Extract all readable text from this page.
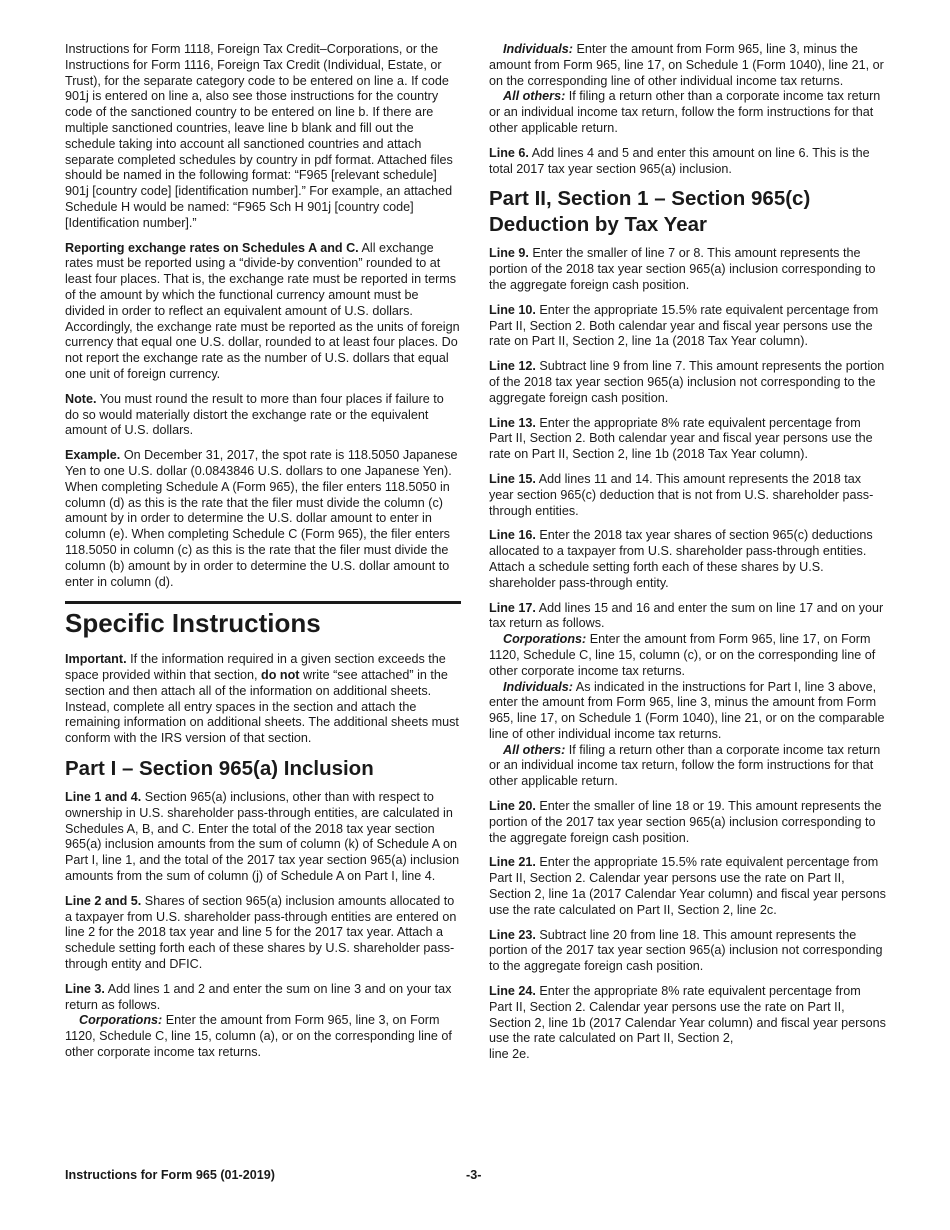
Instructions for Form 1118, Foreign Tax Credit–Corporations, or the Instructions for Form 1116, Foreign Tax Credit (Individual, Estate, or Trust), for the separate category code to be entered on line a. If code 901j is entered on line a, also see those instructions for the country code of the sanctioned country to be entered on line b. If there are multiple sanctioned countries, leave line b blank and fill out the schedule taking into account all sanctioned countries and attach separate completed schedules by country in pdf format. Attached files should be named in the following format: “F965 [relevant schedule] 901j [country code] [identification number].” For example, an attached Schedule H would be named: “F965 Sch H 901j [country code] [Identification number].”

Reporting exchange rates on Schedules A and C. All exchange rates must be reported using a “divide-by convention” rounded to at least four places. That is, the exchange rate must be reported in terms of the amount by which the functional currency amount must be divided in order to reflect an equivalent amount of U.S. dollars. Accordingly, the exchange rate must be reported as the units of foreign currency that equal one U.S. dollar, rounded to at least four places. Do not report the exchange rate as the number of U.S. dollars that equal one unit of foreign currency.

Note. You must round the result to more than four places if failure to do so would materially distort the exchange rate or the equivalent amount of U.S. dollars.

Example. On December 31, 2017, the spot rate is 118.5050 Japanese Yen to one U.S. dollar (0.0843846 U.S. dollars to one Japanese Yen). When completing Schedule A (Form 965), the filer enters 118.5050 in column (d) as this is the rate that the filer must divide the column (c) amount by in order to determine the U.S. dollar amount to enter in column (e). When completing Schedule C (Form 965), the filer enters 118.5050 in column (c) as this is the rate that the filer must divide the column (b) amount by in order to determine the U.S. dollar amount to enter in column (d).

Specific Instructions

Important. If the information required in a given section exceeds the space provided within that section, do not write “see attached” in the section and then attach all of the information on additional sheets. Instead, complete all entry spaces in the section and attach the remaining information on additional sheets. The additional sheets must conform with the IRS version of that section.

Part I – Section 965(a) Inclusion

Line 1 and 4. Section 965(a) inclusions, other than with respect to ownership in U.S. shareholder pass-through entities, are calculated in Schedules A, B, and C. Enter the total of the 2018 tax year section 965(a) inclusion amounts from the sum of column (k) of Schedule A on Part I, line 1, and the total of the 2017 tax year section 965(a) inclusion amounts from the sum of column (j) of Schedule A on Part I, line 4.

Line 2 and 5. Shares of section 965(a) inclusion amounts allocated to a taxpayer from U.S. shareholder pass-through entities are entered on line 2 for the 2018 tax year and line 5 for the 2017 tax year. Attach a schedule setting forth each of these shares by U.S. shareholder pass-through entity and DFIC.

Line 3. Add lines 1 and 2 and enter the sum on line 3 and on your tax return as follows.

Corporations: Enter the amount from Form 965, line 3, on Form 1120, Schedule C, line 15, column (a), or on the corresponding line of other corporate income tax returns.

Individuals: Enter the amount from Form 965, line 3, minus the amount from Form 965, line 17, on Schedule 1 (Form 1040), line 21, or on the corresponding line of other individual income tax returns.

All others: If filing a return other than a corporate income tax return or an individual income tax return, follow the form instructions for that other applicable return.

Line 6. Add lines 4 and 5 and enter this amount on line 6. This is the total 2017 tax year section 965(a) inclusion.

Part II, Section 1 – Section 965(c) Deduction by Tax Year

Line 9. Enter the smaller of line 7 or 8. This amount represents the portion of the 2018 tax year section 965(a) inclusion corresponding to the aggregate foreign cash position.

Line 10. Enter the appropriate 15.5% rate equivalent percentage from Part II, Section 2. Both calendar year and fiscal year persons use the rate on Part II, Section 2, line 1a (2018 Tax Year column).

Line 12. Subtract line 9 from line 7. This amount represents the portion of the 2018 tax year section 965(a) inclusion not corresponding to the aggregate foreign cash position.

Line 13. Enter the appropriate 8% rate equivalent percentage from Part II, Section 2. Both calendar year and fiscal year persons use the rate on Part II, Section 2, line 1b (2018 Tax Year column).

Line 15. Add lines 11 and 14. This amount represents the 2018 tax year section 965(c) deduction that is not from U.S. shareholder pass-through entities.

Line 16. Enter the 2018 tax year shares of section 965(c) deductions allocated to a taxpayer from U.S. shareholder pass-through entities. Attach a schedule setting forth each of these shares by U.S. shareholder pass-through entity.

Line 17. Add lines 15 and 16 and enter the sum on line 17 and on your tax return as follows.

Corporations: Enter the amount from Form 965, line 17, on Form 1120, Schedule C, line 15, column (c), or on the corresponding line of other corporate income tax returns.

Individuals: As indicated in the instructions for Part I, line 3 above, enter the amount from Form 965, line 3, minus the amount from Form 965, line 17, on Schedule 1 (Form 1040), line 21, or on the comparable line of other individual income tax returns.

All others: If filing a return other than a corporate income tax return or an individual income tax return, follow the form instructions for that other applicable return.

Line 20. Enter the smaller of line 18 or 19. This amount represents the portion of the 2017 tax year section 965(a) inclusion corresponding to the aggregate foreign cash position.

Line 21. Enter the appropriate 15.5% rate equivalent percentage from Part II, Section 2. Calendar year persons use the rate on Part II, Section 2, line 1a (2017 Calendar Year column) and fiscal year persons use the rate calculated on Part II, Section 2, line 2c.

Line 23. Subtract line 20 from line 18. This amount represents the portion of the 2017 tax year section 965(a) inclusion not corresponding to the aggregate foreign cash position.

Line 24. Enter the appropriate 8% rate equivalent percentage from Part II, Section 2. Calendar year persons use the rate on Part II, Section 2, line 1b (2017 Calendar Year column) and fiscal year persons use the rate calculated on Part II, Section 2,
line 2e.

Instructions for Form 965 (01-2019)	-3-
